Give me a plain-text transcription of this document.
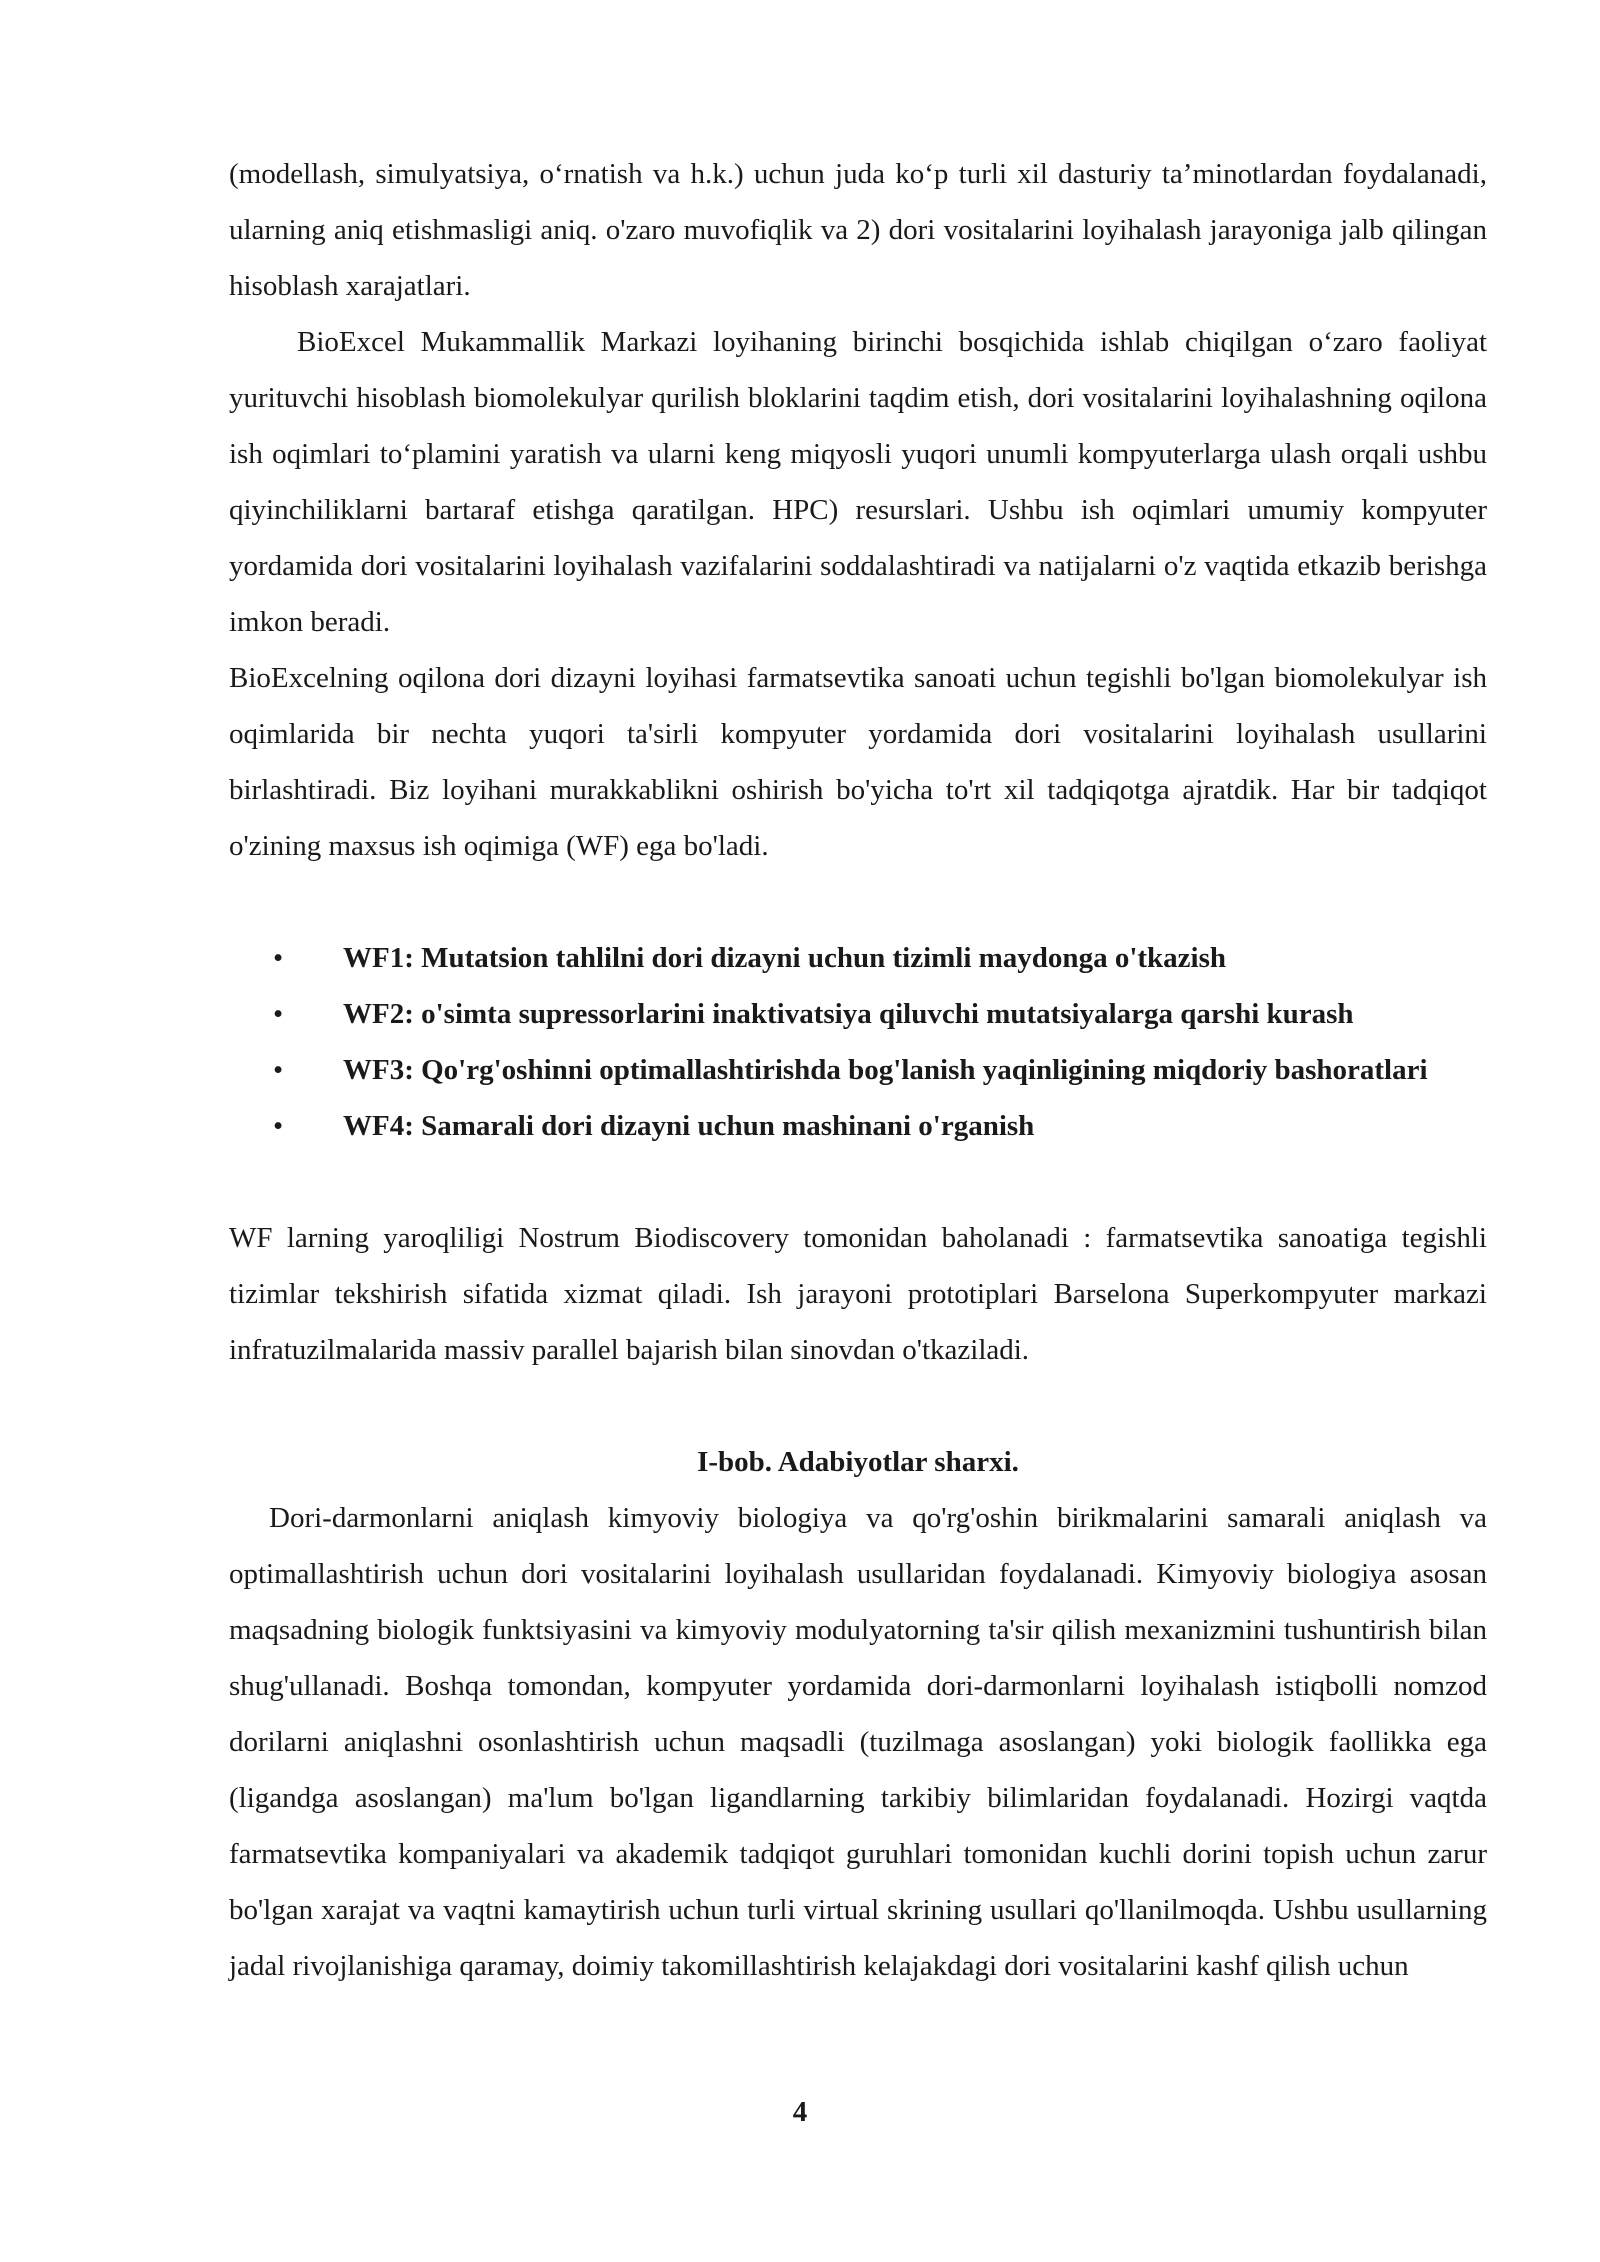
(modellash, simulyatsiya, o‘rnatish va h.k.) uchun juda ko‘p turli xil dasturiy ta’minotlardan foydalanadi, ularning aniq etishmasligi aniq. o'zaro muvofiqlik va 2) dori vositalarini loyihalash jarayoniga jalb qilingan hisoblash xarajatlari.

BioExcel Mukammallik Markazi loyihaning birinchi bosqichida ishlab chiqilgan o‘zaro faoliyat yurituvchi hisoblash biomolekulyar qurilish bloklarini taqdim etish, dori vositalarini loyihalashning oqilona ish oqimlari to‘plamini yaratish va ularni keng miqyosli yuqori unumli kompyuterlarga ulash orqali ushbu qiyinchiliklarni bartaraf etishga qaratilgan. HPC) resurslari. Ushbu ish oqimlari umumiy kompyuter yordamida dori vositalarini loyihalash vazifalarini soddalashtiradi va natijalarni o'z vaqtida etkazib berishga imkon beradi.

BioExcelning oqilona dori dizayni loyihasi farmatsevtika sanoati uchun tegishli bo'lgan biomolekulyar ish oqimlarida bir nechta yuqori ta'sirli kompyuter yordamida dori vositalarini loyihalash usullarini birlashtiradi. Biz loyihani murakkablikni oshirish bo'yicha to'rt xil tadqiqotga ajratdik. Har bir tadqiqot o'zining maxsus ish oqimiga (WF) ega bo'ladi.

• WF1: Mutatsion tahlilni dori dizayni uchun tizimli maydonga o'tkazish
• WF2: o'simta supressorlarini inaktivatsiya qiluvchi mutatsiyalarga qarshi kurash
• WF3: Qo'rg'oshinni optimallashtirishda bog'lanish yaqinligining miqdoriy bashoratlari
• WF4: Samarali dori dizayni uchun mashinani o'rganish

WF larning yaroqliligi Nostrum Biodiscovery tomonidan baholanadi : farmatsevtika sanoatiga tegishli tizimlar tekshirish sifatida xizmat qiladi. Ish jarayoni prototiplari Barselona Superkompyuter markazi infratuzilmalarida massiv parallel bajarish bilan sinovdan o'tkaziladi.

I-bob. Adabiyotlar sharxi.

Dori-darmonlarni aniqlash kimyoviy biologiya va qo'rg'oshin birikmalarini samarali aniqlash va optimallashtirish uchun dori vositalarini loyihalash usullaridan foydalanadi. Kimyoviy biologiya asosan maqsadning biologik funktsiyasini va kimyoviy modulyatorning ta'sir qilish mexanizmini tushuntirish bilan shug'ullanadi. Boshqa tomondan, kompyuter yordamida dori-darmonlarni loyihalash istiqbolli nomzod dorilarni aniqlashni osonlashtirish uchun maqsadli (tuzilmaga asoslangan) yoki biologik faollikka ega (ligandga asoslangan) ma'lum bo'lgan ligandlarning tarkibiy bilimlaridan foydalanadi. Hozirgi vaqtda farmatsevtika kompaniyalari va akademik tadqiqot guruhlari tomonidan kuchli dorini topish uchun zarur bo'lgan xarajat va vaqtni kamaytirish uchun turli virtual skrining usullari qo'llanilmoqda. Ushbu usullarning jadal rivojlanishiga qaramay, doimiy takomillashtirish kelajakdagi dori vositalarini kashf qilish uchun

4
